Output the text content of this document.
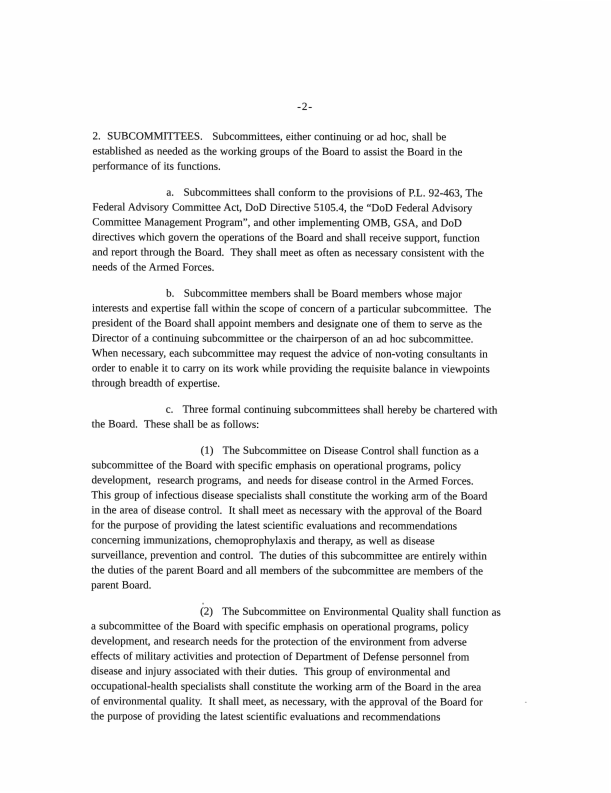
-2-

2.  SUBCOMMITTEES.   Subcommittees, either continuing or ad hoc, shall be
established as needed as the working groups of the Board to assist the Board in the
performance of its functions.

a.   Subcommittees shall conform to the provisions of P.L. 92-463, The
Federal Advisory Committee Act, DoD Directive 5105.4, the “DoD Federal Advisory
Committee Management Program”, and other implementing OMB, GSA, and DoD
directives which govern the operations of the Board and shall receive support, function
and report through the Board.  They shall meet as often as necessary consistent with the
needs of the Armed Forces.

b.   Subcommittee members shall be Board members whose major
interests and expertise fall within the scope of concern of a particular subcommittee.  The
president of the Board shall appoint members and designate one of them to serve as the
Director of a continuing subcommittee or the chairperson of an ad hoc subcommittee.
When necessary, each subcommittee may request the advice of non-voting consultants in
order to enable it to carry on its work while providing the requisite balance in viewpoints
through breadth of expertise.

c.   Three formal continuing subcommittees shall hereby be chartered with
the Board.  These shall be as follows:

(1)   The Subcommittee on Disease Control shall function as a
subcommittee of the Board with specific emphasis on operational programs, policy
development,  research programs,  and needs for disease control in the Armed Forces.
This group of infectious disease specialists shall constitute the working arm of the Board
in the area of disease control.  It shall meet as necessary with the approval of the Board
for the purpose of providing the latest scientific evaluations and recommendations
concerning immunizations, chemoprophylaxis and therapy, as well as disease
surveillance, prevention and control.  The duties of this subcommittee are entirely within
the duties of the parent Board and all members of the subcommittee are members of the
parent Board.

(2)   The Subcommittee on Environmental Quality shall function as
a subcommittee of the Board with specific emphasis on operational programs, policy
development, and research needs for the protection of the environment from adverse
effects of military activities and protection of Department of Defense personnel from
disease and injury associated with their duties.  This group of environmental and
occupational-health specialists shall constitute the working arm of the Board in the area
of environmental quality.  It shall meet, as necessary, with the approval of the Board for
the purpose of providing the latest scientific evaluations and recommendations
